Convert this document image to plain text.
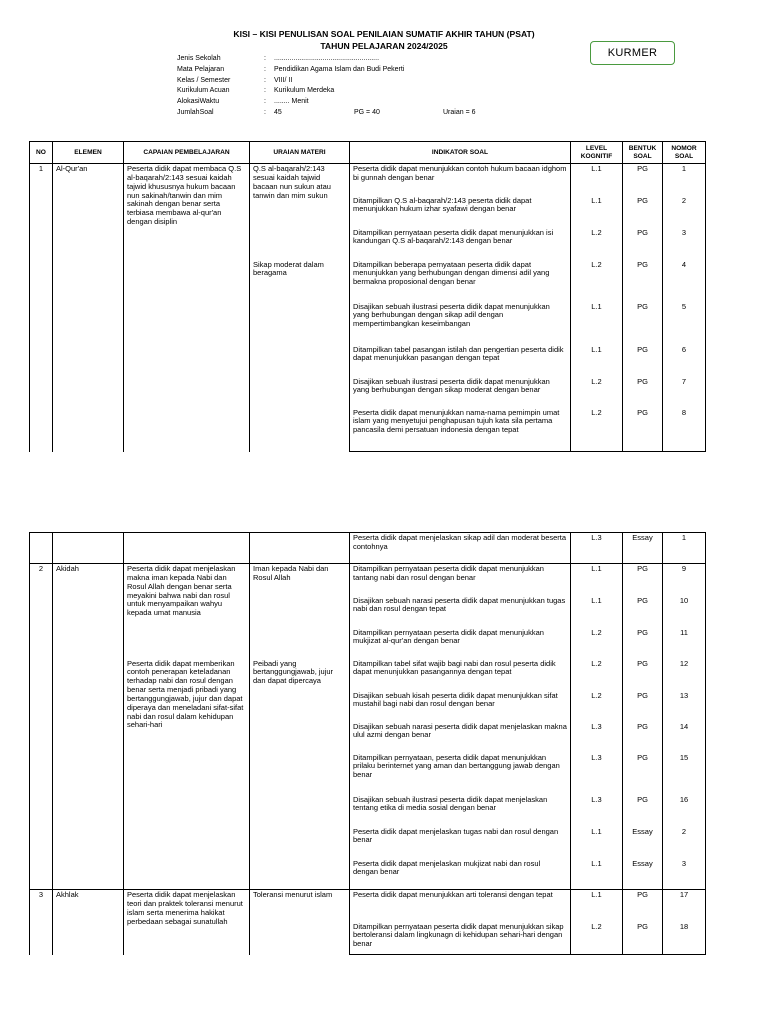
KISI – KISI PENULISAN SOAL PENILAIAN SUMATIF AKHIR TAHUN (PSAT)
TAHUN PELAJARAN 2024/2025
KURMER
Jenis Sekolah	: ......................................................
Mata Pelajaran	: Pendidikan Agama Islam dan Budi Pekerti
Kelas / Semester	: VIII/ II
Kurikulum Acuan	: Kurikulum Merdeka
AlokasiWaktu	: ........ Menit
JumlahSoal	: 45	PG = 40	Uraian = 6
NO	ELEMEN	CAPAIAN PEMBELAJARAN	URAIAN MATERI	INDIKATOR SOAL	LEVEL KOGNITIF	BENTUK SOAL	NOMOR SOAL
1	Al-Qur'an	Peserta didik dapat membaca Q.S al-baqarah/2:143 sesuai kaidah tajwid khususnya hukum bacaan nun sakinah/tanwin dan mim sakinah dengan benar serta terbiasa membawa al-qur'an dengan disiplin	Q.S al-baqarah/2:143 sesuai kaidah tajwid bacaan nun sukun atau tanwin dan mim sukun	Peserta didik dapat menunjukkan contoh hukum bacaan idghom bi gunnah dengan benar	L.1	PG	1
				Ditampilkan Q.S al-baqarah/2:143 peserta didik dapat menunjukkan hukum izhar syafawi dengan benar	L.1	PG	2
				Ditampilkan pernyataan peserta didik dapat menunjukkan isi kandungan Q.S al-baqarah/2:143 dengan benar	L.2	PG	3
			Sikap moderat dalam beragama	Ditampilkan beberapa pernyataan peserta didik dapat menunjukkan yang berhubungan dengan dimensi adil yang bermakna proposional dengan benar	L.2	PG	4
				Disajikan sebuah ilustrasi peserta didik dapat menunjukkan yang berhubungan dengan sikap adil dengan mempertimbangkan keseimbangan	L.1	PG	5
				Ditampilkan tabel pasangan istilah dan pengertian peserta didik dapat menunjukkan pasangan dengan tepat	L.1	PG	6
				Disajikan sebuah ilustrasi peserta didik dapat menunjukkan yang berhubungan dengan sikap moderat dengan benar	L.2	PG	7
				Peserta didik dapat menunjukkan nama-nama pemimpin umat islam yang menyetujui penghapusan tujuh kata sila pertama pancasila demi persatuan indonesia dengan tepat	L.2	PG	8
				Peserta didik dapat menjelaskan sikap adil dan moderat beserta contohnya	L.3	Essay	1
2	Akidah	Peserta didik dapat menjelaskan makna iman kepada Nabi dan Rosul Allah dengan benar serta meyakini bahwa nabi dan rosul untuk menyampaikan wahyu kepada umat manusia	Iman kepada Nabi dan Rosul Allah	Ditampilkan pernyataan peserta didik dapat menunjukkan tantang nabi dan rosul dengan benar	L.1	PG	9
				Disajikan sebuah narasi peserta didik dapat menunjukkan tugas nabi dan rosul dengan tepat	L.1	PG	10
				Ditampilkan pernyataan peserta didik dapat menunjukkan mukjizat al-qur'an dengan benar	L.2	PG	11
		Peserta didik dapat memberikan contoh penerapan keteladanan terhadap nabi dan rosul dengan benar serta menjadi pribadi yang bertanggungjawab, jujur dan dapat diperaya dan meneladani sifat-sifat nabi dan rosul dalam kehidupan sehari-hari	Peibadi yang bertanggungjawab, jujur dan dapat dipercaya	Ditampilkan tabel sifat wajib bagi nabi dan rosul peserta didik dapat menunjukkan pasangannya dengan tepat	L.2	PG	12
				Disajikan sebuah kisah peserta didik dapat menunjukkan sifat mustahil bagi nabi dan rosul dengan benar	L.2	PG	13
				Disajikan sebuah narasi peserta didik dapat menjelaskan makna ulul azmi dengan benar	L.3	PG	14
				Ditampilkan pernyataan, peserta didik dapat menunjukkan prilaku berinternet yang aman dan bertanggung jawab dengan benar	L.3	PG	15
				Disajikan sebuah ilustrasi peserta didik dapat menjelaskan tentang etika di media sosial dengan benar	L.3	PG	16
				Peserta didik dapat menjelaskan tugas nabi dan rosul dengan benar	L.1	Essay	2
				Peserta didik dapat menjelaskan mukjizat nabi dan rosul dengan benar	L.1	Essay	3
3	Akhlak	Peserta didik dapat menjelaskan teori dan praktek toleransi menurut islam serta menerima hakikat perbedaan sebagai sunatullah	Toleransi menurut islam	Peserta didik dapat menunjukkan arti toleransi dengan tepat	L.1	PG	17
				Ditampilkan pernyataan peserta didik dapat menunjukkan sikap bertoleransi dalam lingkunagn di kehidupan sehari-hari dengan benar	L.2	PG	18
